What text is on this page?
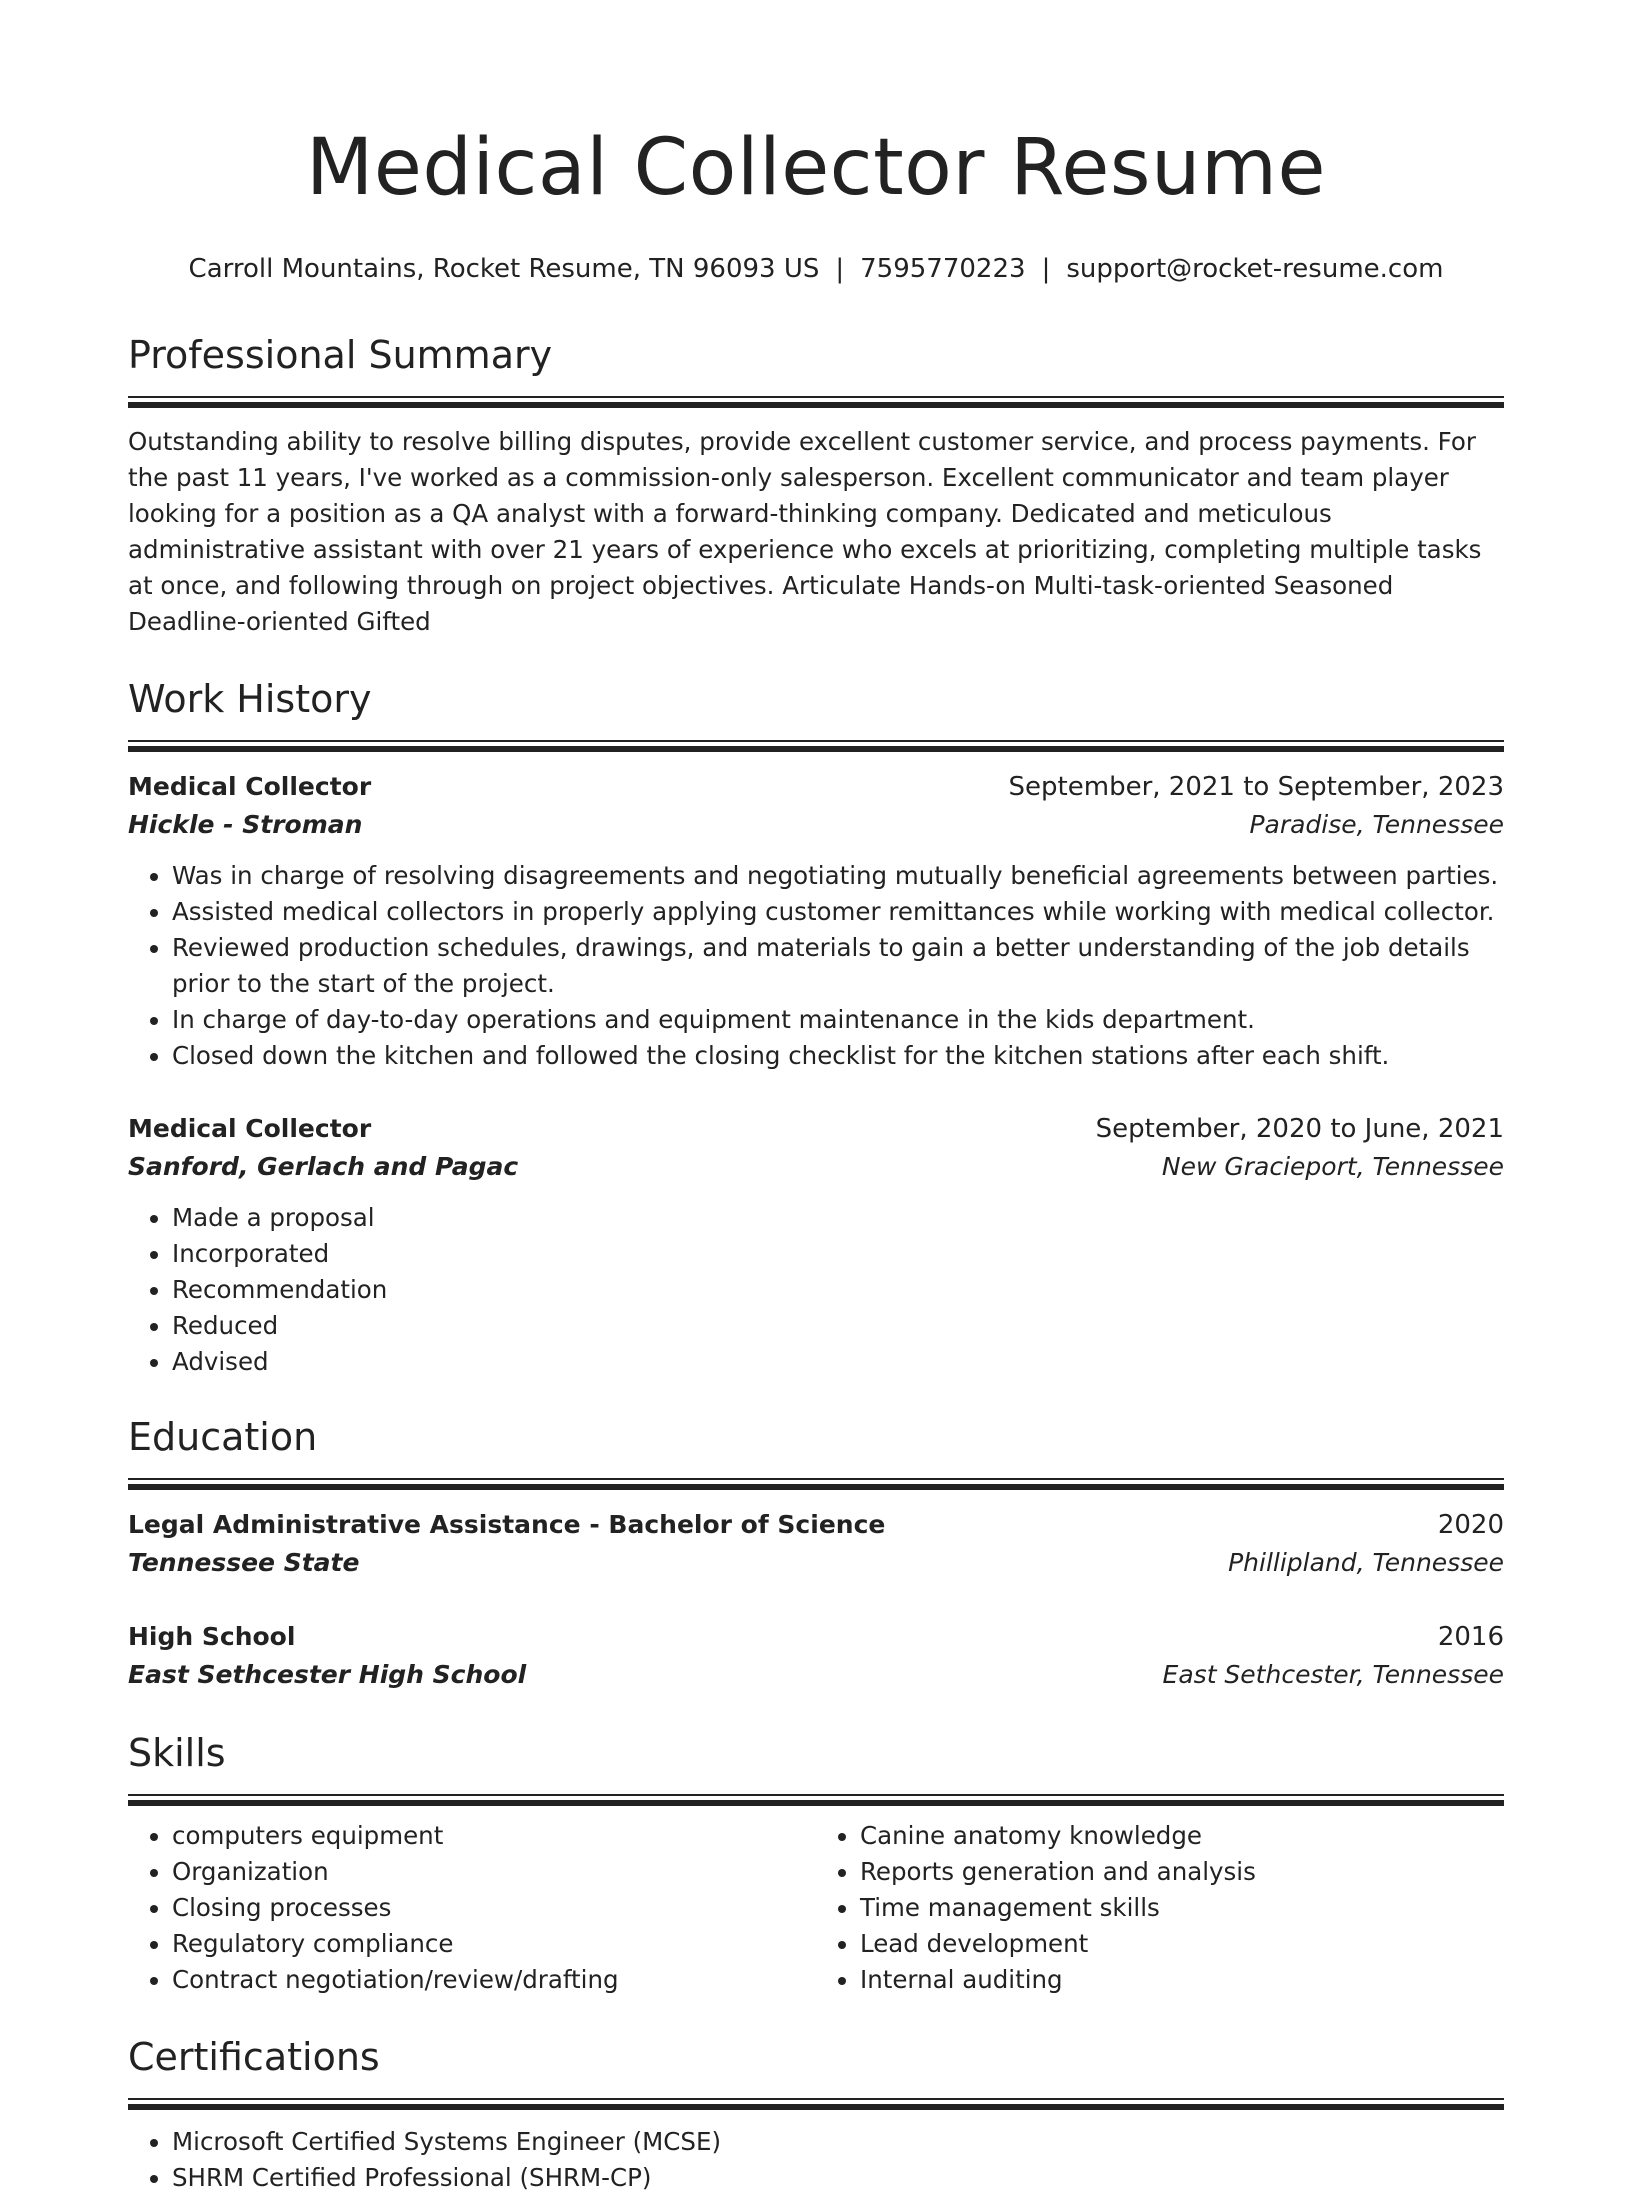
Medical Collector Resume
Carroll Mountains, Rocket Resume, TN 96093 US | 7595770223 | support@rocket-resume.com
Professional Summary

Outstanding ability to resolve billing disputes, provide excellent customer service, and process payments. For the past 11 years, I've worked as a commission-only salesperson. Excellent communicator and team player looking for a position as a QA analyst with a forward-thinking company. Dedicated and meticulous administrative assistant with over 21 years of experience who excels at prioritizing, completing multiple tasks at once, and following through on project objectives. Articulate Hands-on Multi-task-oriented Seasoned Deadline-oriented Gifted

Work History
Medical Collector	September, 2021 to September, 2023
Hickle - Stroman	Paradise, Tennessee
• Was in charge of resolving disagreements and negotiating mutually beneficial agreements between parties.
• Assisted medical collectors in properly applying customer remittances while working with medical collector.
• Reviewed production schedules, drawings, and materials to gain a better understanding of the job details prior to the start of the project.
• In charge of day-to-day operations and equipment maintenance in the kids department.
• Closed down the kitchen and followed the closing checklist for the kitchen stations after each shift.
Medical Collector	September, 2020 to June, 2021
Sanford, Gerlach and Pagac	New Gracieport, Tennessee
• Made a proposal
• Incorporated
• Recommendation
• Reduced
• Advised
Education
Legal Administrative Assistance - Bachelor of Science	2020
Tennessee State	Phillipland, Tennessee
High School	2016
East Sethcester High School	East Sethcester, Tennessee
Skills
• computers equipment
• Organization
• Closing processes
• Regulatory compliance
• Contract negotiation/review/drafting
• Canine anatomy knowledge
• Reports generation and analysis
• Time management skills
• Lead development
• Internal auditing
Certifications
• Microsoft Certified Systems Engineer (MCSE)
• SHRM Certified Professional (SHRM-CP)
